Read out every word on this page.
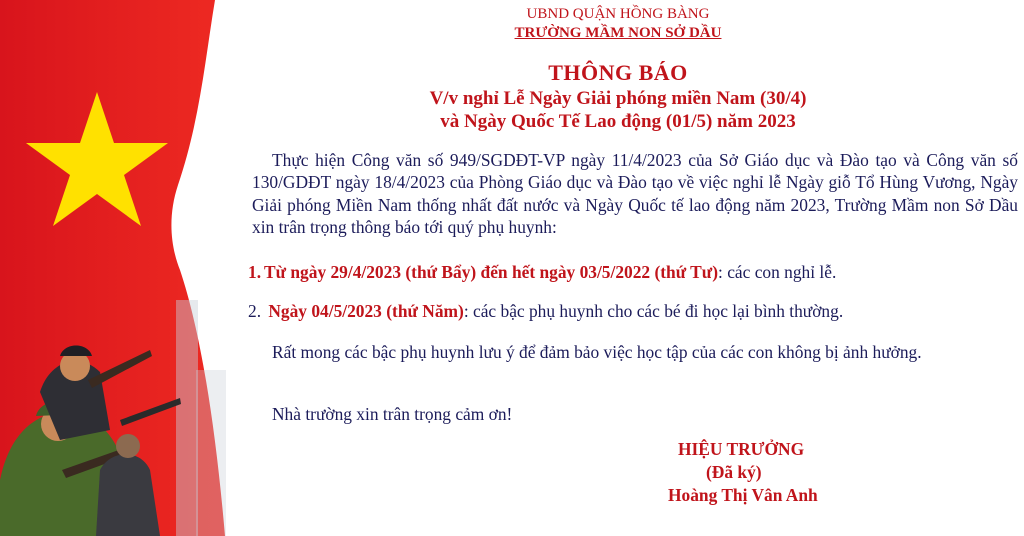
UBND QUẬN HỒNG BÀNG
TRƯỜNG MẦM NON SỞ DẦU
THÔNG BÁO
V/v nghỉ Lễ Ngày Giải phóng miền Nam (30/4)
và Ngày Quốc Tế Lao động (01/5) năm 2023
Thực hiện Công văn số 949/SGDĐT-VP ngày 11/4/2023 của Sở Giáo dục và Đào tạo và Công văn số 130/GDĐT ngày 18/4/2023 của Phòng Giáo dục và Đào tạo về việc nghỉ lễ Ngày giỗ Tổ Hùng Vương, Ngày Giải phóng Miền Nam thống nhất đất nước và Ngày Quốc tế lao động năm 2023, Trường Mầm non Sở Dầu xin trân trọng thông báo tới quý phụ huynh:
1. Từ ngày 29/4/2023 (thứ Bẩy) đến hết ngày 03/5/2022 (thứ Tư): các con nghỉ lễ.
2. Ngày 04/5/2023 (thứ Năm): các bậc phụ huynh cho các bé đi học lại bình thường.
Rất mong các bậc phụ huynh lưu ý để đảm bảo việc học tập của các con không bị ảnh hưởng.
Nhà trường xin trân trọng cảm ơn!
HIỆU TRƯỞNG
(Đã ký)
Hoàng Thị Vân Anh
